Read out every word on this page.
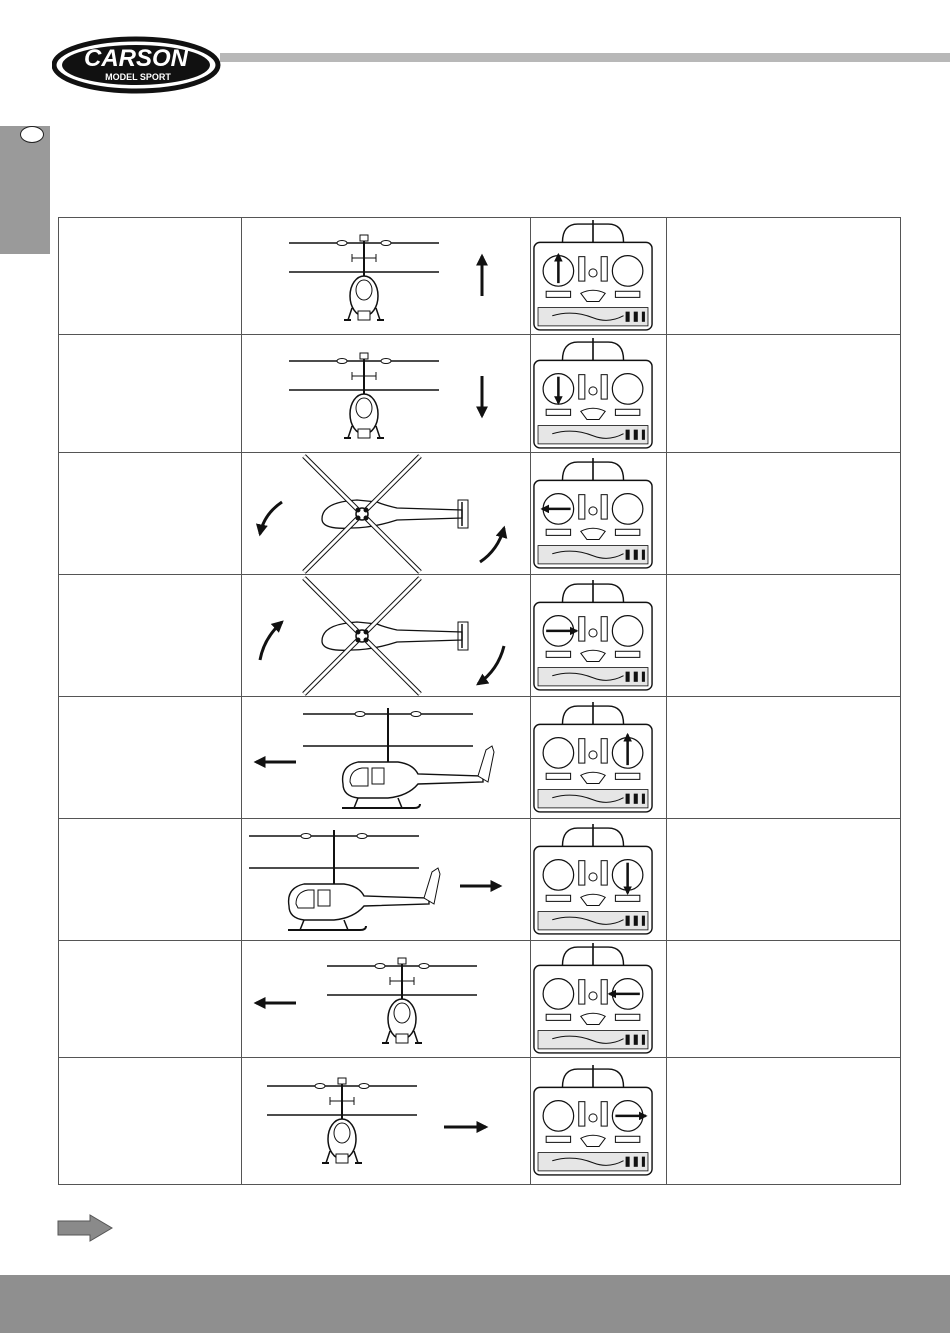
CARSON
MODEL SPORT
